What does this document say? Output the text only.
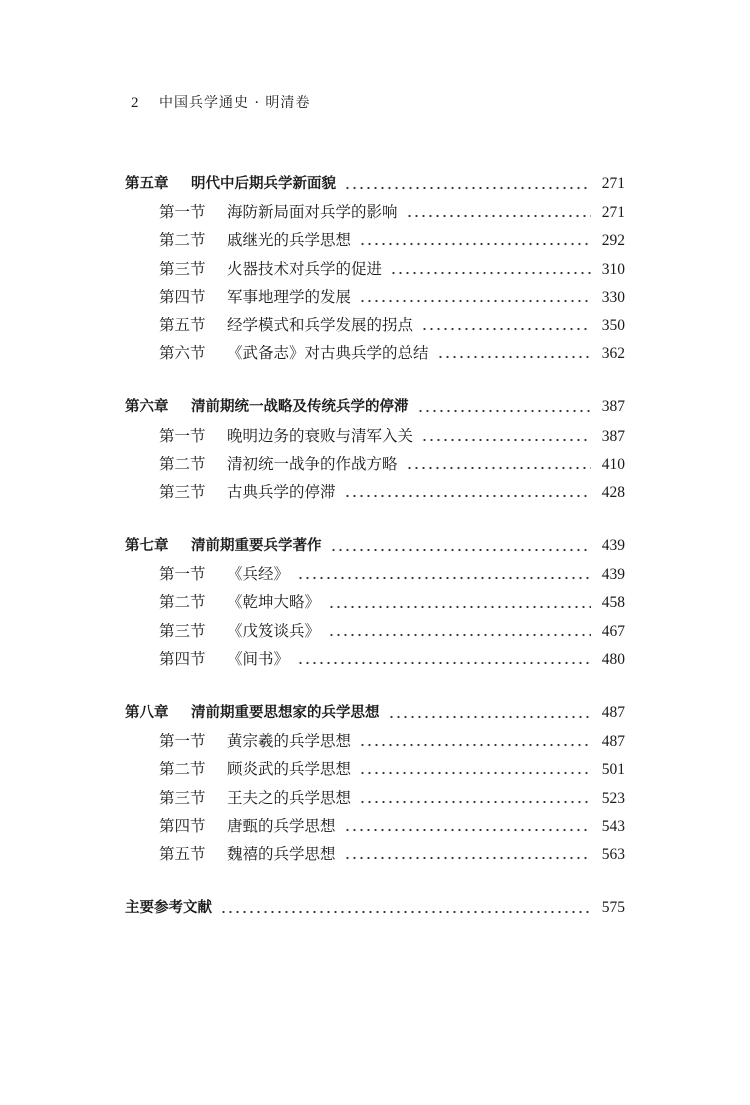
2	中国兵学通史 · 明清卷
第五章	明代中后期兵学新面貌	271
第一节	海防新局面对兵学的影响	271
第二节	戚继光的兵学思想	292
第三节	火器技术对兵学的促进	310
第四节	军事地理学的发展	330
第五节	经学模式和兵学发展的拐点	350
第六节	《武备志》对古典兵学的总结	362
第六章	清前期统一战略及传统兵学的停滞	387
第一节	晚明边务的衰败与清军入关	387
第二节	清初统一战争的作战方略	410
第三节	古典兵学的停滞	428
第七章	清前期重要兵学著作	439
第一节	《兵经》	439
第二节	《乾坤大略》	458
第三节	《戊笈谈兵》	467
第四节	《间书》	480
第八章	清前期重要思想家的兵学思想	487
第一节	黄宗羲的兵学思想	487
第二节	顾炎武的兵学思想	501
第三节	王夫之的兵学思想	523
第四节	唐甄的兵学思想	543
第五节	魏禧的兵学思想	563
主要参考文献	575
